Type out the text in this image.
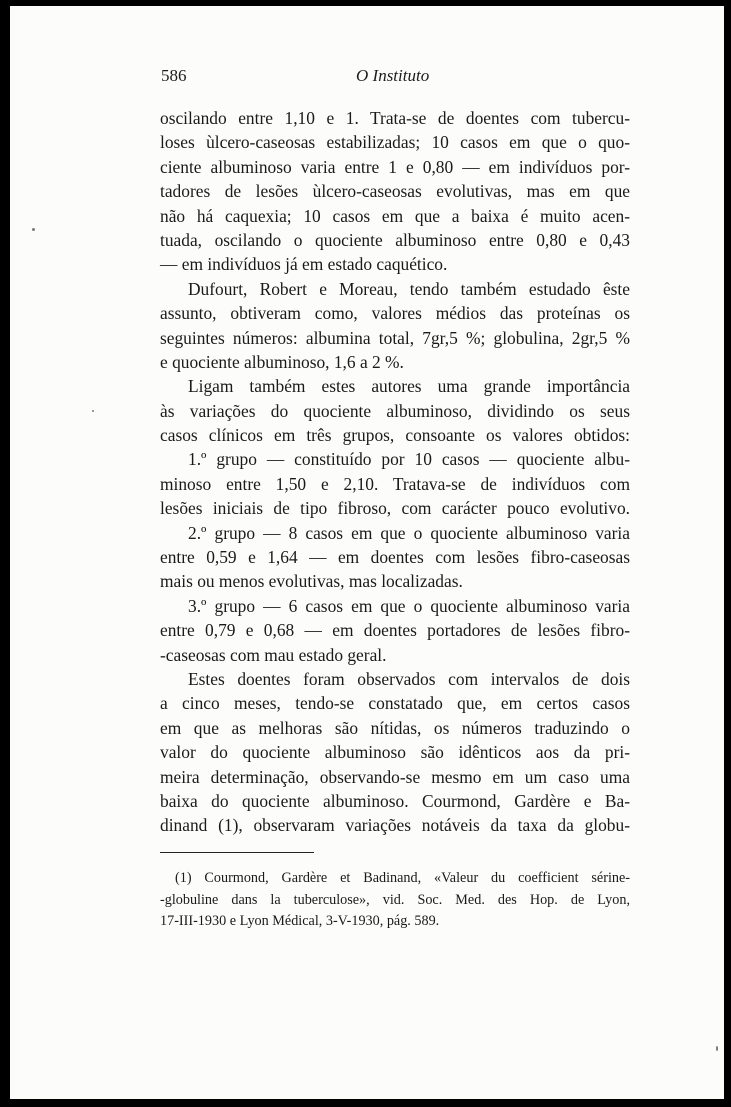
586	O Instituto
oscilando entre 1,10 e 1. Trata-se de doentes com tubercu-
loses ùlcero-caseosas estabilizadas; 10 casos em que o quo-
ciente albuminoso varia entre 1 e 0,80 — em indivíduos por-
tadores de lesões ùlcero-caseosas evolutivas, mas em que
não há caquexia; 10 casos em que a baixa é muito acen-
tuada, oscilando o quociente albuminoso entre 0,80 e 0,43
— em indivíduos já em estado caquético.
Dufourt, Robert e Moreau, tendo também estudado êste
assunto, obtiveram como, valores médios das proteínas os
seguintes números: albumina total, 7gr,5 %; globulina, 2gr,5 %
e quociente albuminoso, 1,6 a 2 %.
Ligam também estes autores uma grande importância
às variações do quociente albuminoso, dividindo os seus
casos clínicos em três grupos, consoante os valores obtidos:
1.º grupo — constituído por 10 casos — quociente albu-
minoso entre 1,50 e 2,10. Tratava-se de indivíduos com
lesões iniciais de tipo fibroso, com carácter pouco evolutivo.
2.º grupo — 8 casos em que o quociente albuminoso varia
entre 0,59 e 1,64 — em doentes com lesões fibro-caseosas
mais ou menos evolutivas, mas localizadas.
3.º grupo — 6 casos em que o quociente albuminoso varia
entre 0,79 e 0,68 — em doentes portadores de lesões fibro-
-caseosas com mau estado geral.
Estes doentes foram observados com intervalos de dois
a cinco meses, tendo-se constatado que, em certos casos
em que as melhoras são nítidas, os números traduzindo o
valor do quociente albuminoso são idênticos aos da pri-
meira determinação, observando-se mesmo em um caso uma
baixa do quociente albuminoso. Courmond, Gardère e Ba-
dinand (1), observaram variações notáveis da taxa da globu-
(1) Courmond, Gardère et Badinand, «Valeur du coefficient sérine-
-globuline dans la tuberculose», vid. Soc. Med. des Hop. de Lyon,
17-III-1930 e Lyon Médical, 3-V-1930, pág. 589.
